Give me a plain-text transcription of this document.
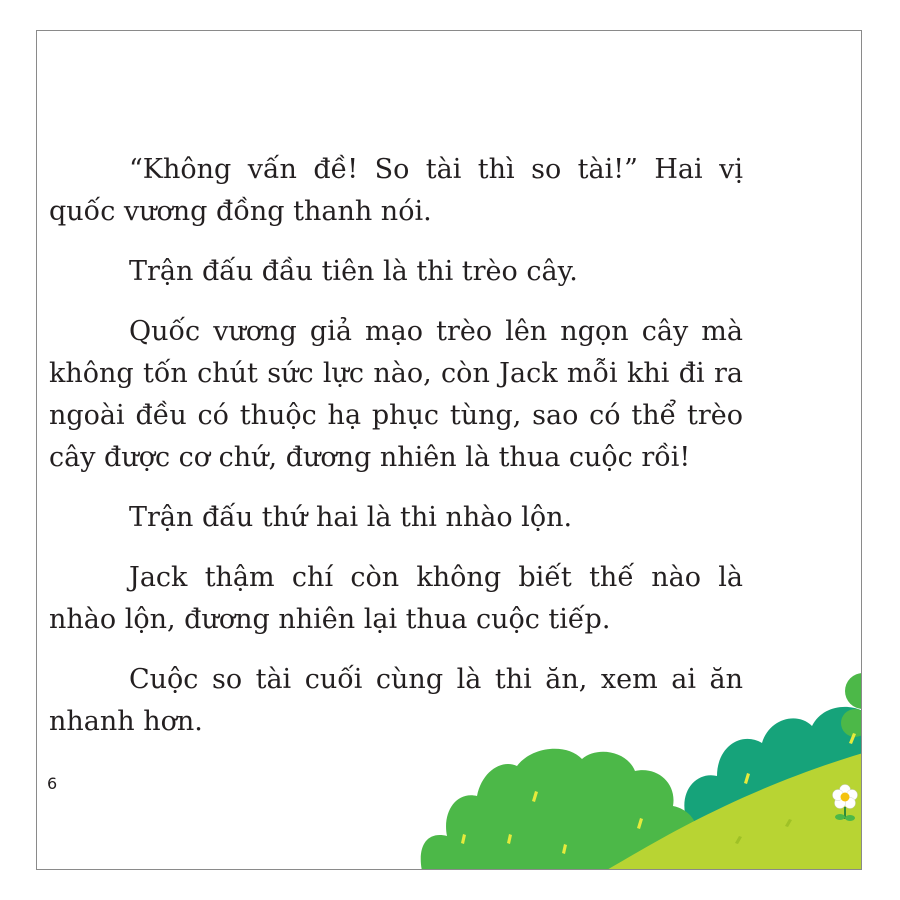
“Không vấn đề! So tài thì so tài!” Hai vị quốc vương đồng thanh nói.

Trận đấu đầu tiên là thi trèo cây.

Quốc vương giả mạo trèo lên ngọn cây mà không tốn chút sức lực nào, còn Jack mỗi khi đi ra ngoài đều có thuộc hạ phục tùng, sao có thể trèo cây được cơ chứ, đương nhiên là thua cuộc rồi!

Trận đấu thứ hai là thi nhào lộn.

Jack thậm chí còn không biết thế nào là nhào lộn, đương nhiên lại thua cuộc tiếp.

Cuộc so tài cuối cùng là thi ăn, xem ai ăn nhanh hơn.

6
